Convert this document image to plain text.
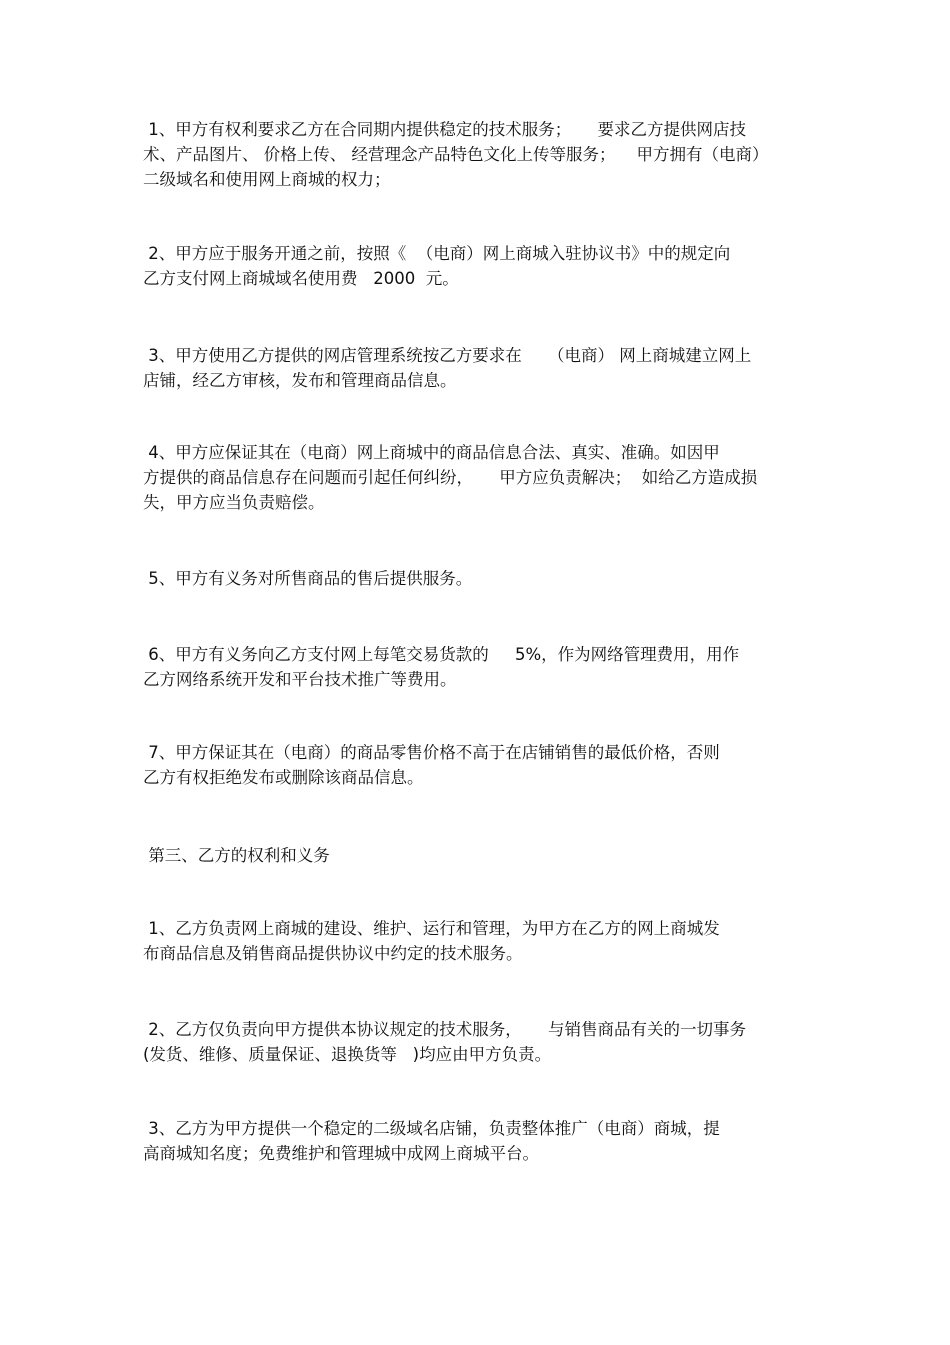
1、甲方有权利要求乙方在合同期内提供稳定的技术服务；     要求乙方提供网店技
术、产品图片、 价格上传、 经营理念产品特色文化上传等服务；    甲方拥有（电商）
二级域名和使用网上商城的权力；
2、甲方应于服务开通之前，按照《  （电商）网上商城入驻协议书》中的规定向
乙方支付网上商城域名使用费   2000  元。
3、甲方使用乙方提供的网店管理系统按乙方要求在     （电商） 网上商城建立网上
店铺，经乙方审核，发布和管理商品信息。
4、甲方应保证其在（电商）网上商城中的商品信息合法、真实、准确。如因甲
方提供的商品信息存在问题而引起任何纠纷，     甲方应负责解决；  如给乙方造成损
失，甲方应当负责赔偿。
5、甲方有义务对所售商品的售后提供服务。
6、甲方有义务向乙方支付网上每笔交易货款的     5%，作为网络管理费用，用作
乙方网络系统开发和平台技术推广等费用。
7、甲方保证其在（电商）的商品零售价格不高于在店铺销售的最低价格，否则
乙方有权拒绝发布或删除该商品信息。
第三、乙方的权利和义务
1、乙方负责网上商城的建设、维护、运行和管理，为甲方在乙方的网上商城发
布商品信息及销售商品提供协议中约定的技术服务。
2、乙方仅负责向甲方提供本协议规定的技术服务，     与销售商品有关的一切事务
(发货、维修、质量保证、退换货等   )均应由甲方负责。
3、乙方为甲方提供一个稳定的二级域名店铺，负责整体推广（电商）商城，提
高商城知名度；免费维护和管理城中成网上商城平台。
